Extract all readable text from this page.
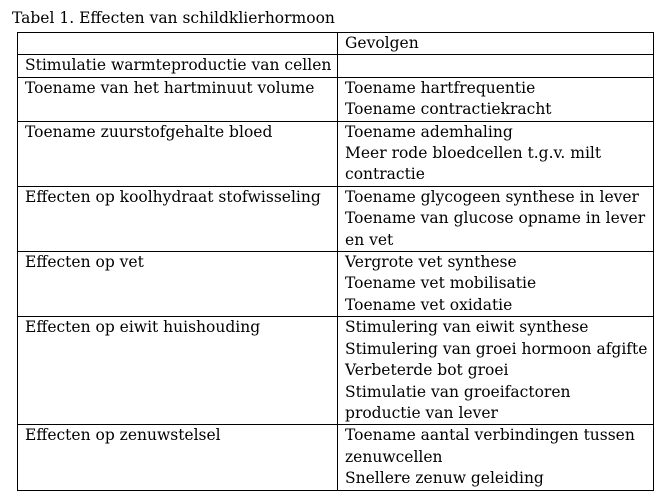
Tabel 1. Effecten van schildklierhormoon
	Gevolgen

Stimulatie warmteproductie van cellen	

Toename van het hartminuut volume	Toename hartfrequentie
Toename contractiekracht

Toename zuurstofgehalte bloed	Toename ademhaling
Meer rode bloedcellen t.g.v. milt contractie

Effecten op koolhydraat stofwisseling	Toename glycogeen synthese in lever
Toename van glucose opname in lever en vet

Effecten op vet	Vergrote vet synthese
Toename vet mobilisatie
Toename vet oxidatie

Effecten op eiwit huishouding	Stimulering van eiwit synthese
Stimulering van groei hormoon afgifte
Verbeterde bot groei
Stimulatie van groeifactoren productie van lever

Effecten op zenuwstelsel	Toename aantal verbindingen tussen zenuwcellen
Snellere zenuw geleiding
